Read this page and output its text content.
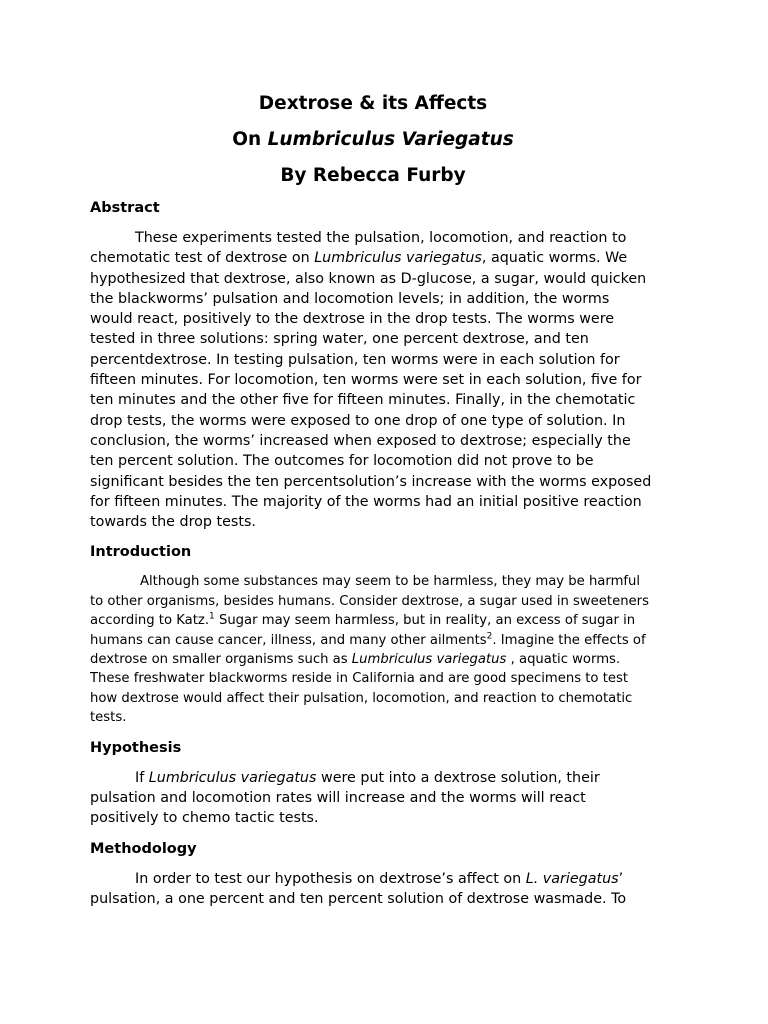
Dextrose & its Affects
On Lumbriculus Variegatus
By Rebecca Furby
Abstract

These experiments tested the pulsation, locomotion, and reaction to chemotatic test of dextrose on Lumbriculus variegatus, aquatic worms. We hypothesized that dextrose, also known as D-glucose, a sugar, would quicken the blackworms’ pulsation and locomotion levels; in addition, the worms would react, positively to the dextrose in the drop tests. The worms were tested in three solutions: spring water, one percent dextrose, and ten percentdextrose. In testing pulsation, ten worms were in each solution for fifteen minutes. For locomotion, ten worms were set in each solution, five for ten minutes and the other five for fifteen minutes. Finally, in the chemotatic drop tests, the worms were exposed to one drop of one type of solution. In conclusion, the worms’ increased when exposed to dextrose; especially the ten percent solution. The outcomes for locomotion did not prove to be significant besides the ten percentsolution’s increase with the worms exposed for fifteen minutes. The majority of the worms had an initial positive reaction towards the drop tests.

Introduction

Although some substances may seem to be harmless, they may be harmful to other organisms, besides humans. Consider dextrose, a sugar used in sweeteners according to Katz.$^1$ Sugar may seem harmless, but in reality, an excess of sugar in humans can cause cancer, illness, and many other ailments$^2$. Imagine the effects of dextrose on smaller organisms such as Lumbriculus variegatus , aquatic worms. These freshwater blackworms reside in California and are good specimens to test how dextrose would affect their pulsation, locomotion, and reaction to chemotatic tests.

Hypothesis

If Lumbriculus variegatus were put into a dextrose solution, their pulsation and locomotion rates will increase and the worms will react positively to chemo tactic tests.

Methodology

In order to test our hypothesis on dextrose’s affect on L. variegatus’ pulsation, a one percent and ten percent solution of dextrose wasmade. To
